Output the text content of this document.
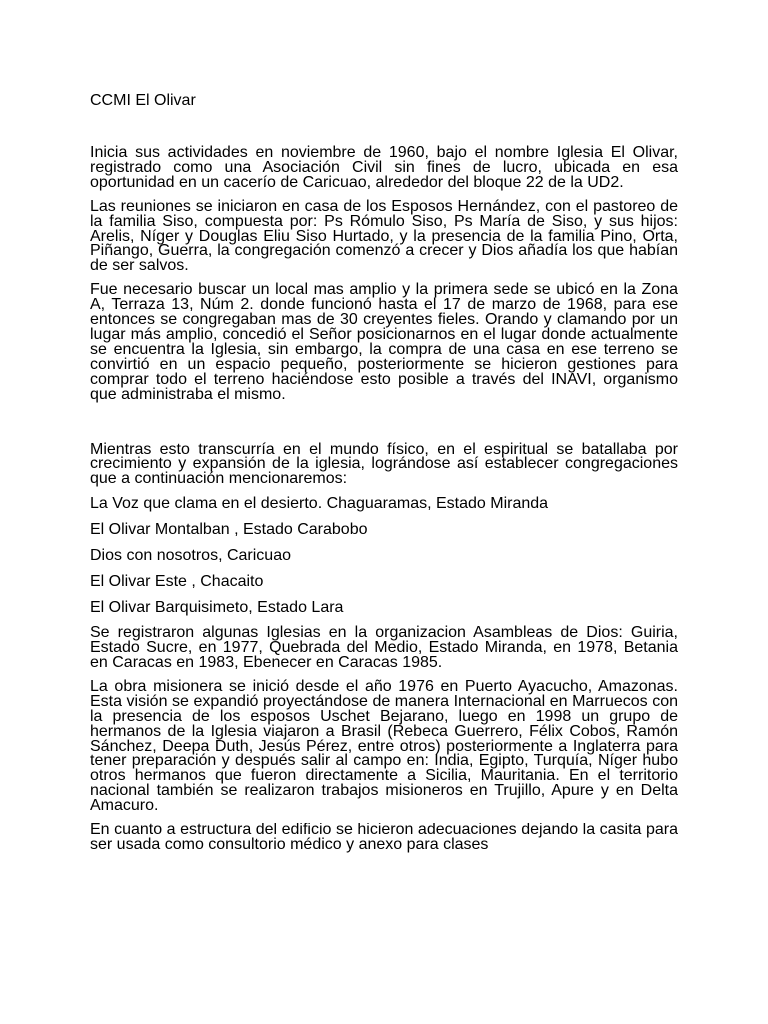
CCMI El Olivar

Inicia sus actividades en noviembre de 1960, bajo el nombre Iglesia El Olivar, registrado como una Asociación Civil sin fines de lucro, ubicada en esa oportunidad en un cacerío de Caricuao, alrededor del bloque 22 de la UD2.

Las reuniones se iniciaron en casa de los Esposos Hernández, con el pastoreo de la familia Siso, compuesta por: Ps Rómulo Siso, Ps María de Siso, y sus hijos: Arelis, Níger y Douglas Eliu Siso Hurtado, y la presencia de la familia Pino, Orta, Piñango, Guerra, la congregación comenzó a crecer y Dios añadía los que habían de ser salvos.

Fue necesario buscar un local mas amplio y la primera sede se ubicó en la Zona A, Terraza 13, Núm 2. donde funcionó hasta el 17 de marzo de 1968, para ese entonces se congregaban mas de 30 creyentes fieles. Orando y clamando por un lugar más amplio, concedió el Señor posicionarnos en el lugar donde actualmente se encuentra la Iglesia, sin embargo, la compra de una casa en ese terreno se convirtió en un espacio pequeño, posteriormente se hicieron gestiones para comprar todo el terreno haciéndose esto posible a través del INAVI, organismo que administraba el mismo.

Mientras esto transcurría en el mundo físico, en el espiritual se batallaba por crecimiento y expansión de la iglesia, lográndose así establecer congregaciones que a continuación mencionaremos:

La Voz que clama en el desierto. Chaguaramas, Estado Miranda
El Olivar Montalban , Estado Carabobo
Dios con nosotros, Caricuao
El Olivar Este , Chacaito
El Olivar Barquisimeto, Estado Lara

Se registraron algunas Iglesias en la organizacion Asambleas de Dios: Guiria, Estado Sucre, en 1977, Quebrada del Medio, Estado Miranda, en 1978, Betania en Caracas en 1983, Ebenecer en Caracas 1985.

La obra misionera se inició desde el año 1976 en Puerto Ayacucho, Amazonas. Esta visión se expandió proyectándose de manera Internacional en Marruecos con la presencia de los esposos Uschet Bejarano, luego en 1998 un grupo de hermanos de la Iglesia viajaron a Brasil (Rebeca Guerrero, Félix Cobos, Ramón Sánchez, Deepa Duth, Jesús Pérez, entre otros) posteriormente a Inglaterra para tener preparación y después salir al campo en: India, Egipto, Turquía, Níger hubo otros hermanos que fueron directamente a Sicilia, Mauritania. En el territorio nacional también se realizaron trabajos misioneros en Trujillo, Apure y en Delta Amacuro.

En cuanto a estructura del edificio se hicieron adecuaciones dejando la casita para ser usada como consultorio médico y anexo para clases
